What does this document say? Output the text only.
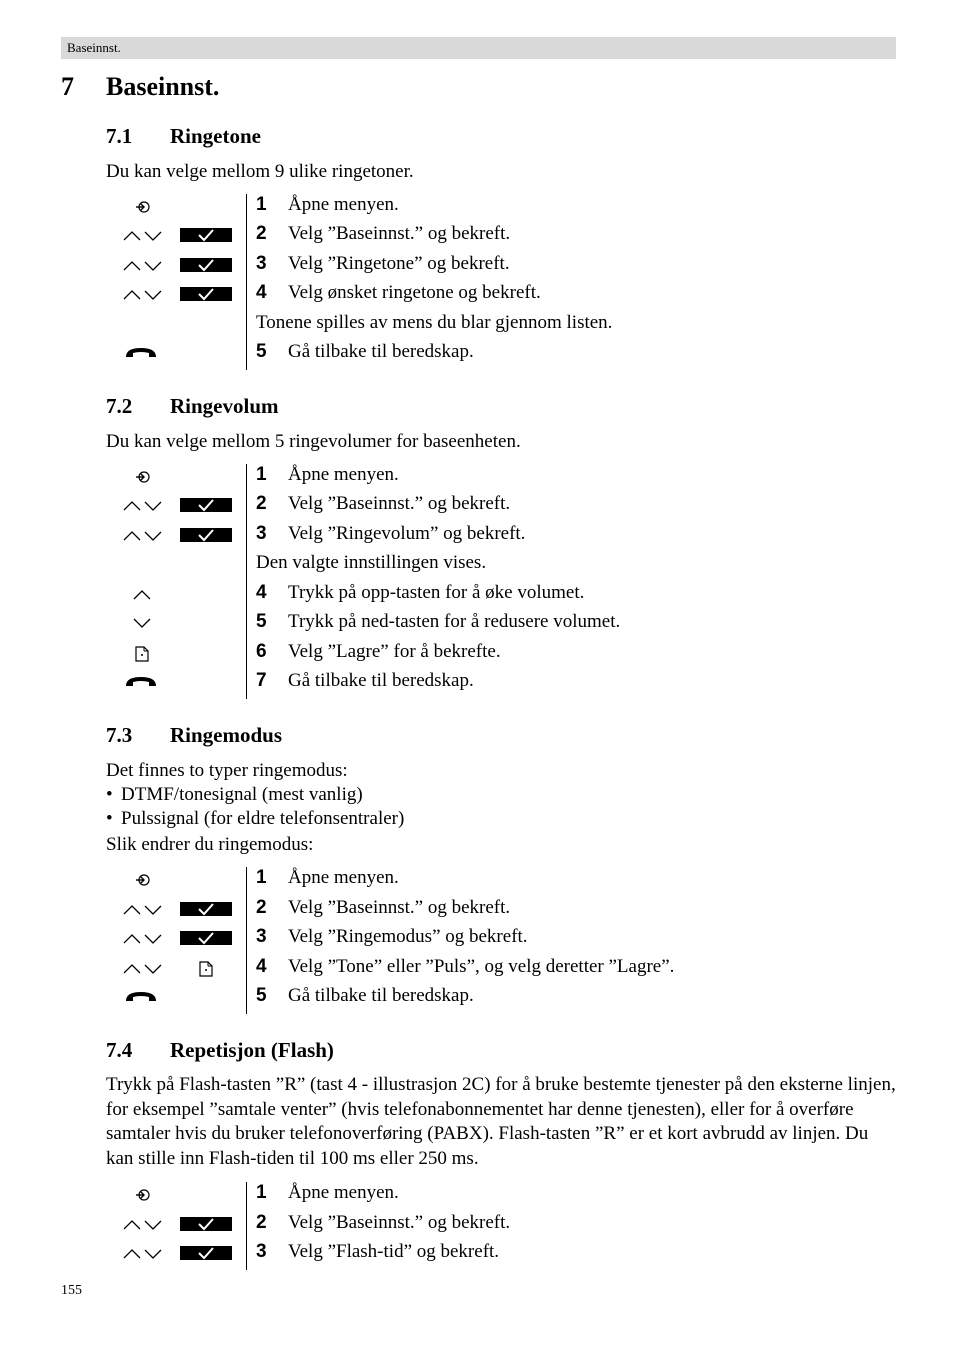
Baseinnst.
7 Baseinnst.
7.1 Ringetone
Du kan velge mellom 9 ulike ringetoner.
1 Åpne menyen.
2 Velg ”Baseinnst.” og bekreft.
3 Velg ”Ringetone” og bekreft.
4 Velg ønsket ringetone og bekreft.
Tonene spilles av mens du blar gjennom listen.
5 Gå tilbake til beredskap.
7.2 Ringevolum
Du kan velge mellom 5 ringevolumer for baseenheten.
1 Åpne menyen.
2 Velg ”Baseinnst.” og bekreft.
3 Velg ”Ringevolum” og bekreft.
Den valgte innstillingen vises.
4 Trykk på opp-tasten for å øke volumet.
5 Trykk på ned-tasten for å redusere volumet.
6 Velg ”Lagre” for å bekrefte.
7 Gå tilbake til beredskap.
7.3 Ringemodus
Det finnes to typer ringemodus:
• DTMF/tonesignal (mest vanlig)
• Pulssignal (for eldre telefonsentraler)
Slik endrer du ringemodus:
1 Åpne menyen.
2 Velg ”Baseinnst.” og bekreft.
3 Velg ”Ringemodus” og bekreft.
4 Velg ”Tone” eller ”Puls”, og velg deretter ”Lagre”.
5 Gå tilbake til beredskap.
7.4 Repetisjon (Flash)
Trykk på Flash-tasten ”R” (tast 4 - illustrasjon 2C) for å bruke bestemte tjenester på den eksterne linjen, for eksempel ”samtale venter” (hvis telefonabonnementet har denne tjenesten), eller for å overføre samtaler hvis du bruker telefonoverføring (PABX). Flash-tasten ”R” er et kort avbrudd av linjen. Du kan stille inn Flash-tiden til 100 ms eller 250 ms.
1 Åpne menyen.
2 Velg ”Baseinnst.” og bekreft.
3 Velg ”Flash-tid” og bekreft.
155
